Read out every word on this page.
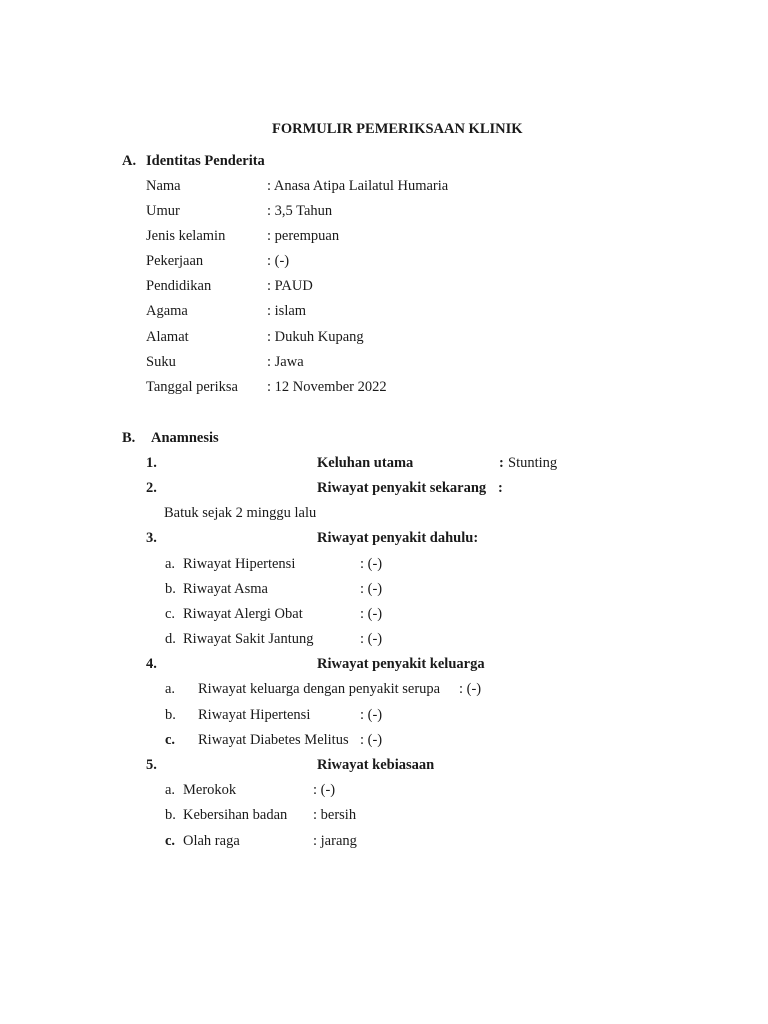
FORMULIR PEMERIKSAAN KLINIK
A. Identitas Penderita
Nama	: Anasa Atipa Lailatul Humaria
Umur	: 3,5 Tahun
Jenis kelamin	: perempuan
Pekerjaan	: (-)
Pendidikan	: PAUD
Agama	: islam
Alamat	: Dukuh Kupang
Suku	: Jawa
Tanggal periksa : 12 November 2022
B. Anamnesis
1.	Keluhan utama	: Stunting
2.	Riwayat penyakit sekarang :
Batuk sejak 2 minggu lalu
3.	Riwayat penyakit dahulu:
a. Riwayat Hipertensi	: (-)
b. Riwayat Asma	: (-)
c. Riwayat Alergi Obat	: (-)
d. Riwayat Sakit Jantung	: (-)
4.	Riwayat penyakit keluarga
a. Riwayat keluarga dengan penyakit serupa : (-)
b. Riwayat Hipertensi	: (-)
c. Riwayat Diabetes Melitus : (-)
5.	Riwayat kebiasaan
a. Merokok	: (-)
b. Kebersihan badan : bersih
c. Olah raga	: jarang
